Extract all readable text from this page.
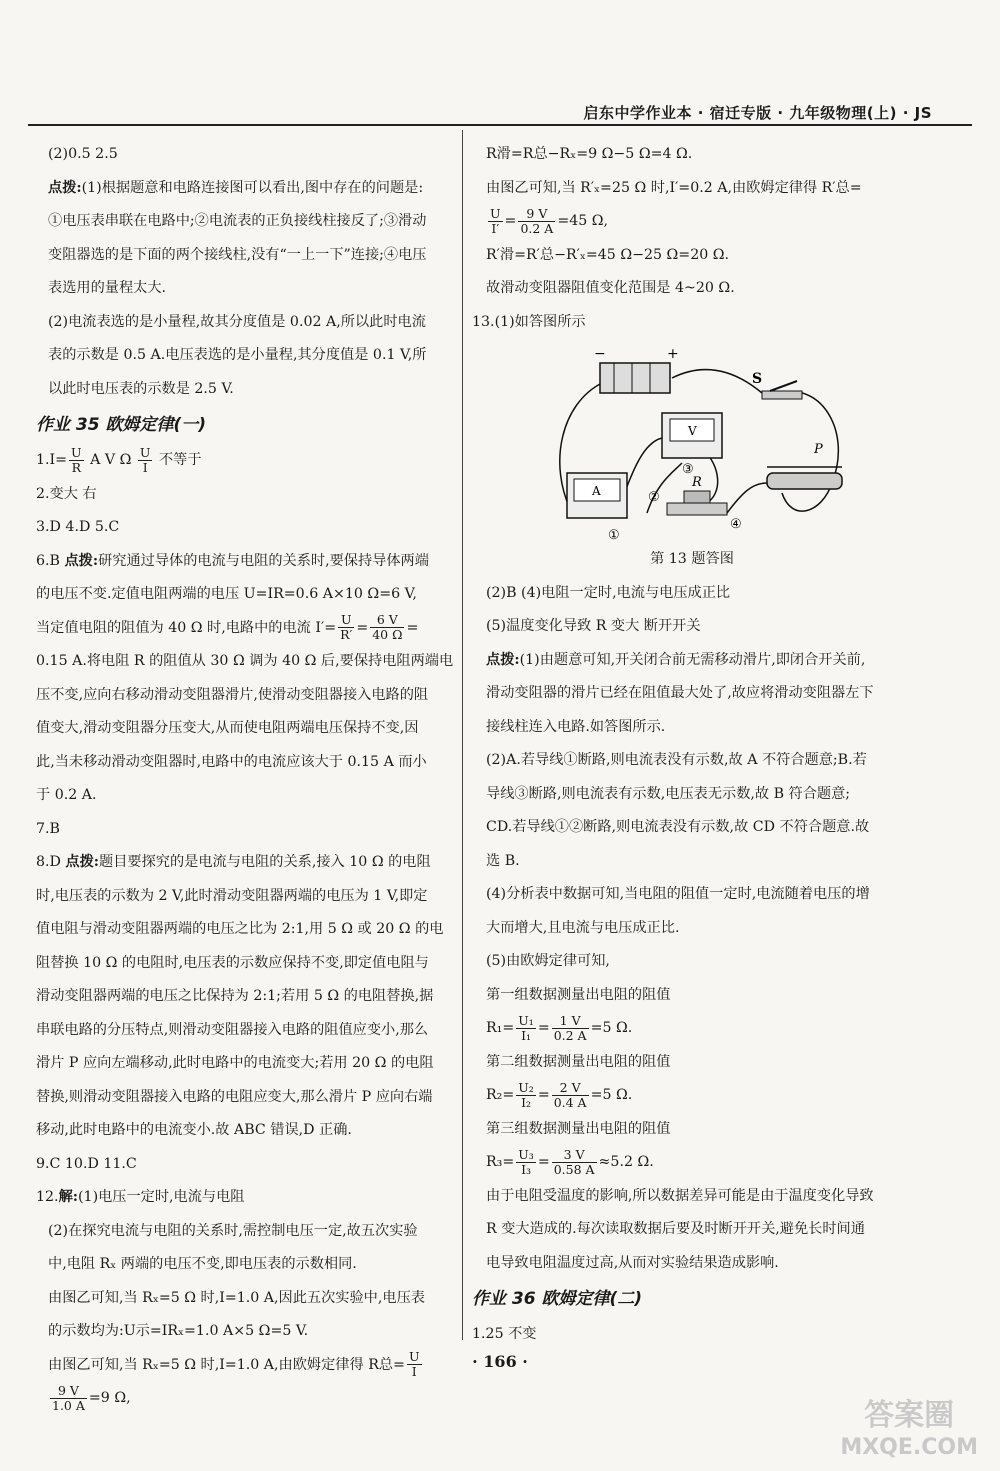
启东中学作业本 · 宿迁专版 · 九年级物理(上) · JS
(2)0.5 2.5
点拨:(1)根据题意和电路连接图可以看出,图中存在的问题是:
①电压表串联在电路中;②电流表的正负接线柱接反了;③滑动
变阻器选的是下面的两个接线柱,没有“一上一下”连接;④电压
表选用的量程太大.
(2)电流表选的是小量程,故其分度值是 0.02 A,所以此时电流
表的示数是 0.5 A.电压表选的是小量程,其分度值是 0.1 V,所
以此时电压表的示数是 2.5 V.
作业 35 欧姆定律(一)
$1.I= \frac{U}{R}$ A V Ω $\frac{U}{I}$ 不等于
2.变大 右
3.D 4.D 5.C
6.B 点拨:研究通过导体的电流与电阻的关系时,要保持导体两端
的电压不变.定值电阻两端的电压 U=IR=0.6 A×10 Ω=6 V,
当定值电阻的阻值为 40 Ω 时,电路中的电流 $I'= \frac{U}{R'} = \frac{6 V}{40 \Omega}$ =
0.15 A.将电阻 R 的阻值从 30 Ω 调为 40 Ω 后,要保持电阻两端电
压不变,应向右移动滑动变阻器滑片,使滑动变阻器接入电路的阻
值变大,滑动变阻器分压变大,从而使电阻两端电压保持不变,因
此,当未移动滑动变阻器时,电路中的电流应该大于 0.15 A 而小
于 0.2 A.
7.B
8.D 点拨:题目要探究的是电流与电阻的关系,接入 10 Ω 的电阻
时,电压表的示数为 2 V,此时滑动变阻器两端的电压为 1 V,即定
值电阻与滑动变阻器两端的电压之比为 2:1,用 5 Ω 或 20 Ω 的电
阻替换 10 Ω 的电阻时,电压表的示数应保持不变,即定值电阻与
滑动变阻器两端的电压之比保持为 2:1;若用 5 Ω 的电阻替换,据
串联电路的分压特点,则滑动变阻器接入电路的阻值应变小,那么
滑片 P 应向左端移动,此时电路中的电流变大;若用 20 Ω 的电阻
替换,则滑动变阻器接入电路的电阻应变大,那么滑片 P 应向右端
移动,此时电路中的电流变小.故 ABC 错误,D 正确.
9.C 10.D 11.C
12.解:(1)电压一定时,电流与电阻
(2)在探究电流与电阻的关系时,需控制电压一定,故五次实验
中,电阻 Rₓ 两端的电压不变,即电压表的示数相同.
由图乙可知,当 Rₓ=5 Ω 时,I=1.0 A,因此五次实验中,电压表
的示数均为:U示=IRₓ=1.0 A×5 Ω=5 V.
由图乙可知,当 Rₓ=5 Ω 时,I=1.0 A,由欧姆定律得 R总= $\frac{U}{I}$
$\frac{9 V}{1.0 A} =9$ Ω,
R滑=R总−Rₓ=9 Ω−5 Ω=4 Ω.
由图乙可知,当 R′ₓ=25 Ω 时,I′=0.2 A,由欧姆定律得 R′总=
$\frac{U}{I'} = \frac{9 V}{0.2 A} =45$ Ω,
R′滑=R′总−R′ₓ=45 Ω−25 Ω=20 Ω.
故滑动变阻器阻值变化范围是 4~20 Ω.
13.(1)如答图所示
−	+
V
S
A
R
P
①
②
③
④
第 13 题答图
(2)B (4)电阻一定时,电流与电压成正比
(5)温度变化导致 R 变大 断开开关
点拨:(1)由题意可知,开关闭合前无需移动滑片,即闭合开关前,
滑动变阻器的滑片已经在阻值最大处了,故应将滑动变阻器左下
接线柱连入电路.如答图所示.
(2)A.若导线①断路,则电流表没有示数,故 A 不符合题意;B.若
导线③断路,则电流表有示数,电压表无示数,故 B 符合题意;
CD.若导线①②断路,则电流表没有示数,故 CD 不符合题意.故
选 B.
(4)分析表中数据可知,当电阻的阻值一定时,电流随着电压的增
大而增大,且电流与电压成正比.
(5)由欧姆定律可知,
第一组数据测量出电阻的阻值
$R_1= \frac{\text{U₁}}{\text{I₁}} = \frac{1 V}{0.2 A} =5$ Ω.
第二组数据测量出电阻的阻值
$R_2= \frac{\text{U₂}}{\text{I₂}} = \frac{2 V}{0.4 A} =5$ Ω.
第三组数据测量出电阻的阻值
$R_3= \frac{\text{U₃}}{\text{I₃}} = \frac{3 V}{0.58 A} \approx 5.2$ Ω.
由于电阻受温度的影响,所以数据差异可能是由于温度变化导致
R 变大造成的.每次读取数据后要及时断开开关,避免长时间通
电导致电阻温度过高,从而对实验结果造成影响.
作业 36 欧姆定律(二)
1.25 不变
· 166 ·
答案圈
MXQE.COM
